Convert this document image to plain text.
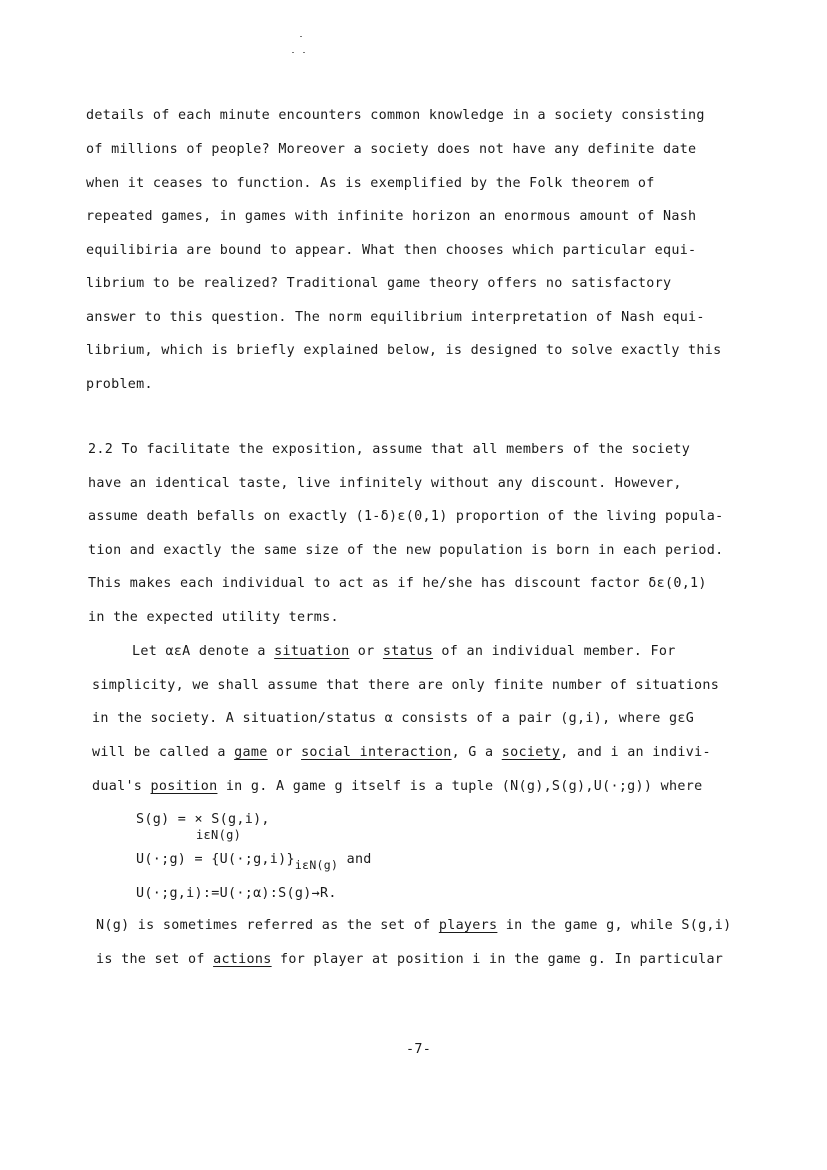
details of each minute encounters common knowledge in a society consisting
of millions of people? Moreover a society does not have any definite date
when it ceases to function. As is exemplified by the Folk theorem of
repeated games, in games with infinite horizon an enormous amount of Nash
equilibiria are bound to appear. What then chooses which particular equi-
librium to be realized? Traditional game theory offers no satisfactory
answer to this question. The norm equilibrium interpretation of Nash equi-
librium, which is briefly explained below, is designed to solve exactly this
problem.
2.2 To facilitate the exposition, assume that all members of the society
have an identical taste, live infinitely without any discount. However,
assume death befalls on exactly (1-δ)ε(0,1) proportion of the living popula-
tion and exactly the same size of the new population is born in each period.
This makes each individual to act as if he/she has discount factor δε(0,1)
in the expected utility terms.
Let αεA denote a situation or status of an individual member. For
simplicity, we shall assume that there are only finite number of situations
in the society. A situation/status α consists of a pair (g,i), where gεG
will be called a game or social interaction, G a society, and i an indivi-
dual's position in g. A game g itself is a tuple (N(g),S(g),U(·;g)) where
S(g) = × S(g,i),
iεN(g)
U(·;g) = {U(·;g,i)}iεN(g) and
U(·;g,i):=U(·;α):S(g)→R.
N(g) is sometimes referred as the set of players in the game g, while S(g,i)
is the set of actions for player at position i in the game g. In particular
-7-
